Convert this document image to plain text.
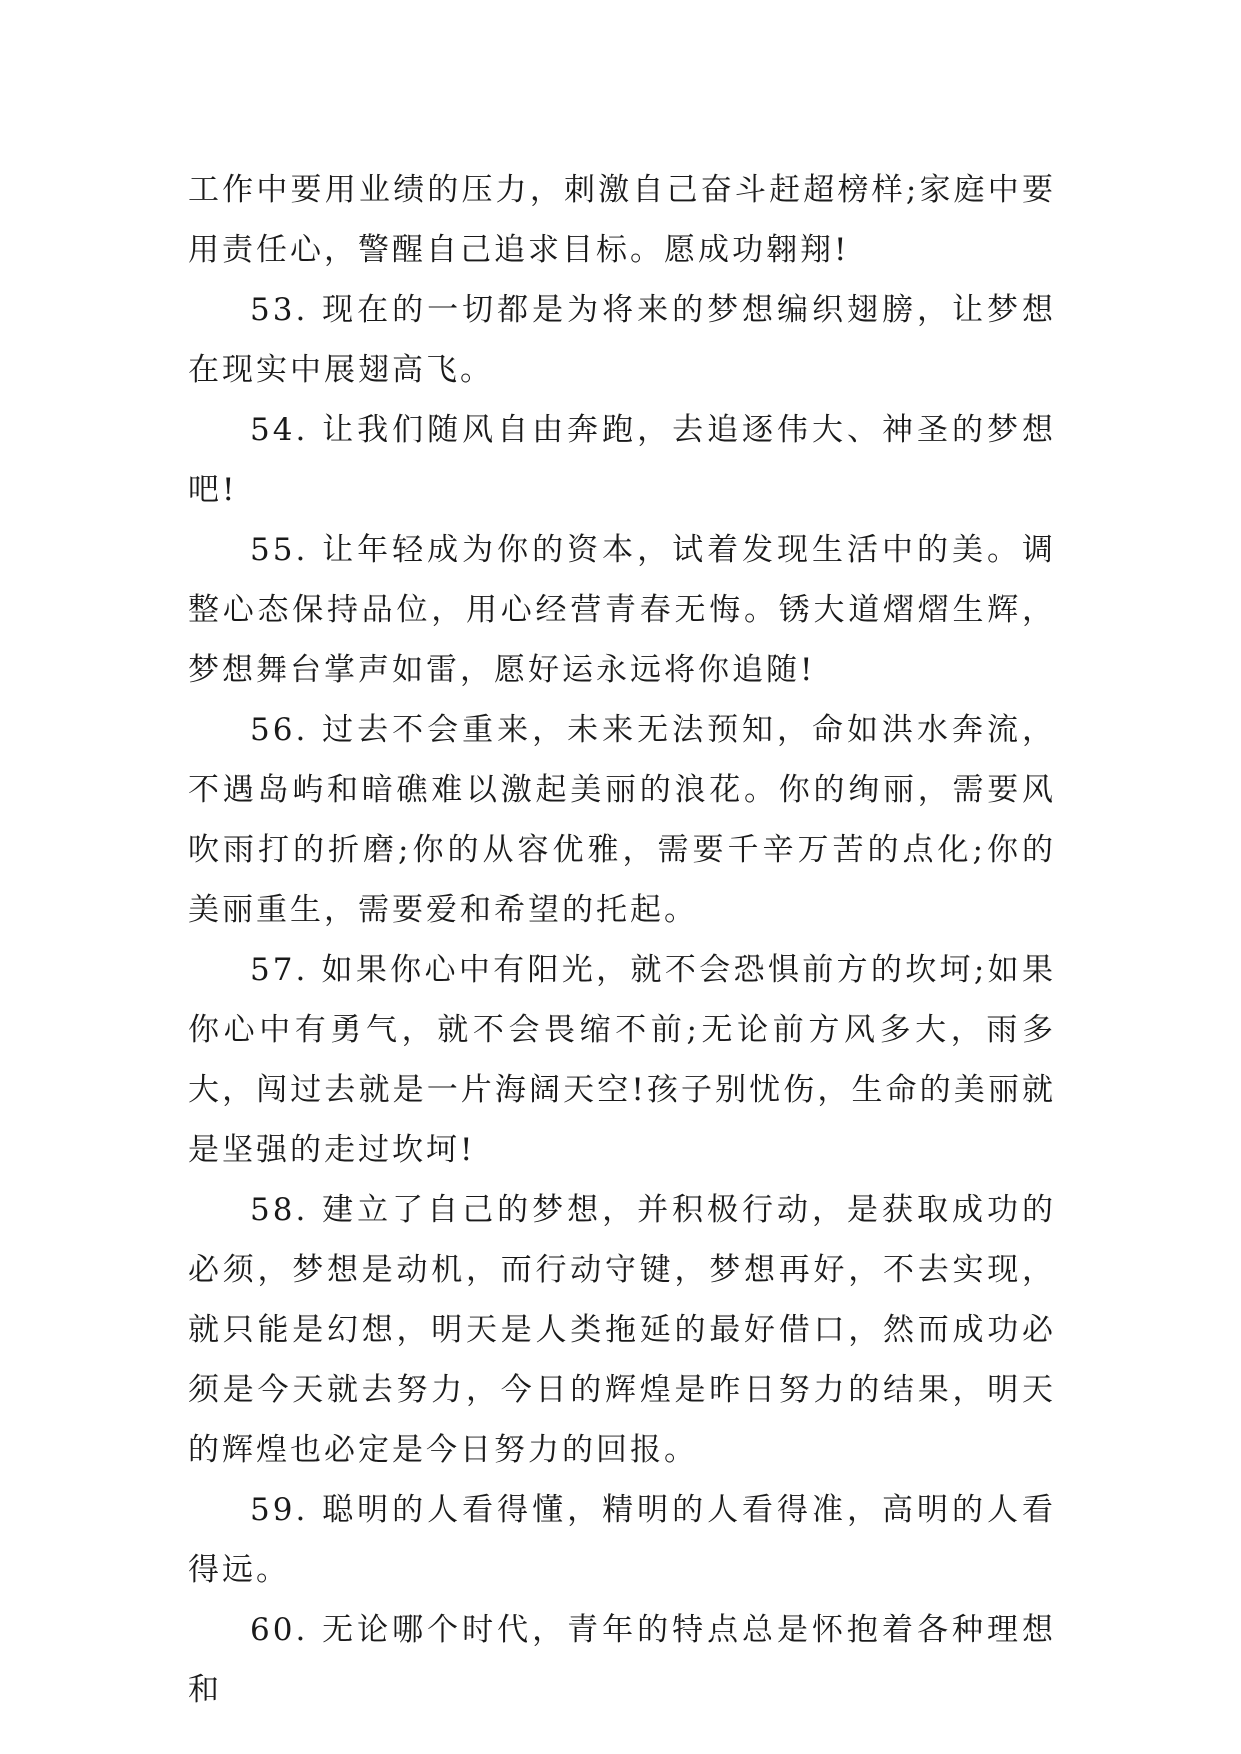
工作中要用业绩的压力，刺激自己奋斗赶超榜样;家庭中要用责任心，警醒自己追求目标。愿成功翱翔!

53. 现在的一切都是为将来的梦想编织翅膀，让梦想在现实中展翅高飞。

54. 让我们随风自由奔跑，去追逐伟大、神圣的梦想吧!

55. 让年轻成为你的资本，试着发现生活中的美。调整心态保持品位，用心经营青春无悔。锈大道熠熠生辉，梦想舞台掌声如雷，愿好运永远将你追随!

56. 过去不会重来，未来无法预知，命如洪水奔流，不遇岛屿和暗礁难以激起美丽的浪花。你的绚丽，需要风吹雨打的折磨;你的从容优雅，需要千辛万苦的点化;你的美丽重生，需要爱和希望的托起。

57. 如果你心中有阳光，就不会恐惧前方的坎坷;如果你心中有勇气，就不会畏缩不前;无论前方风多大，雨多大，闯过去就是一片海阔天空!孩子别忧伤，生命的美丽就是坚强的走过坎坷!

58. 建立了自己的梦想，并积极行动，是获取成功的必须，梦想是动机，而行动守键，梦想再好，不去实现，就只能是幻想，明天是人类拖延的最好借口，然而成功必须是今天就去努力，今日的辉煌是昨日努力的结果，明天的辉煌也必定是今日努力的回报。

59. 聪明的人看得懂，精明的人看得准，高明的人看得远。

60. 无论哪个时代，青年的特点总是怀抱着各种理想和
